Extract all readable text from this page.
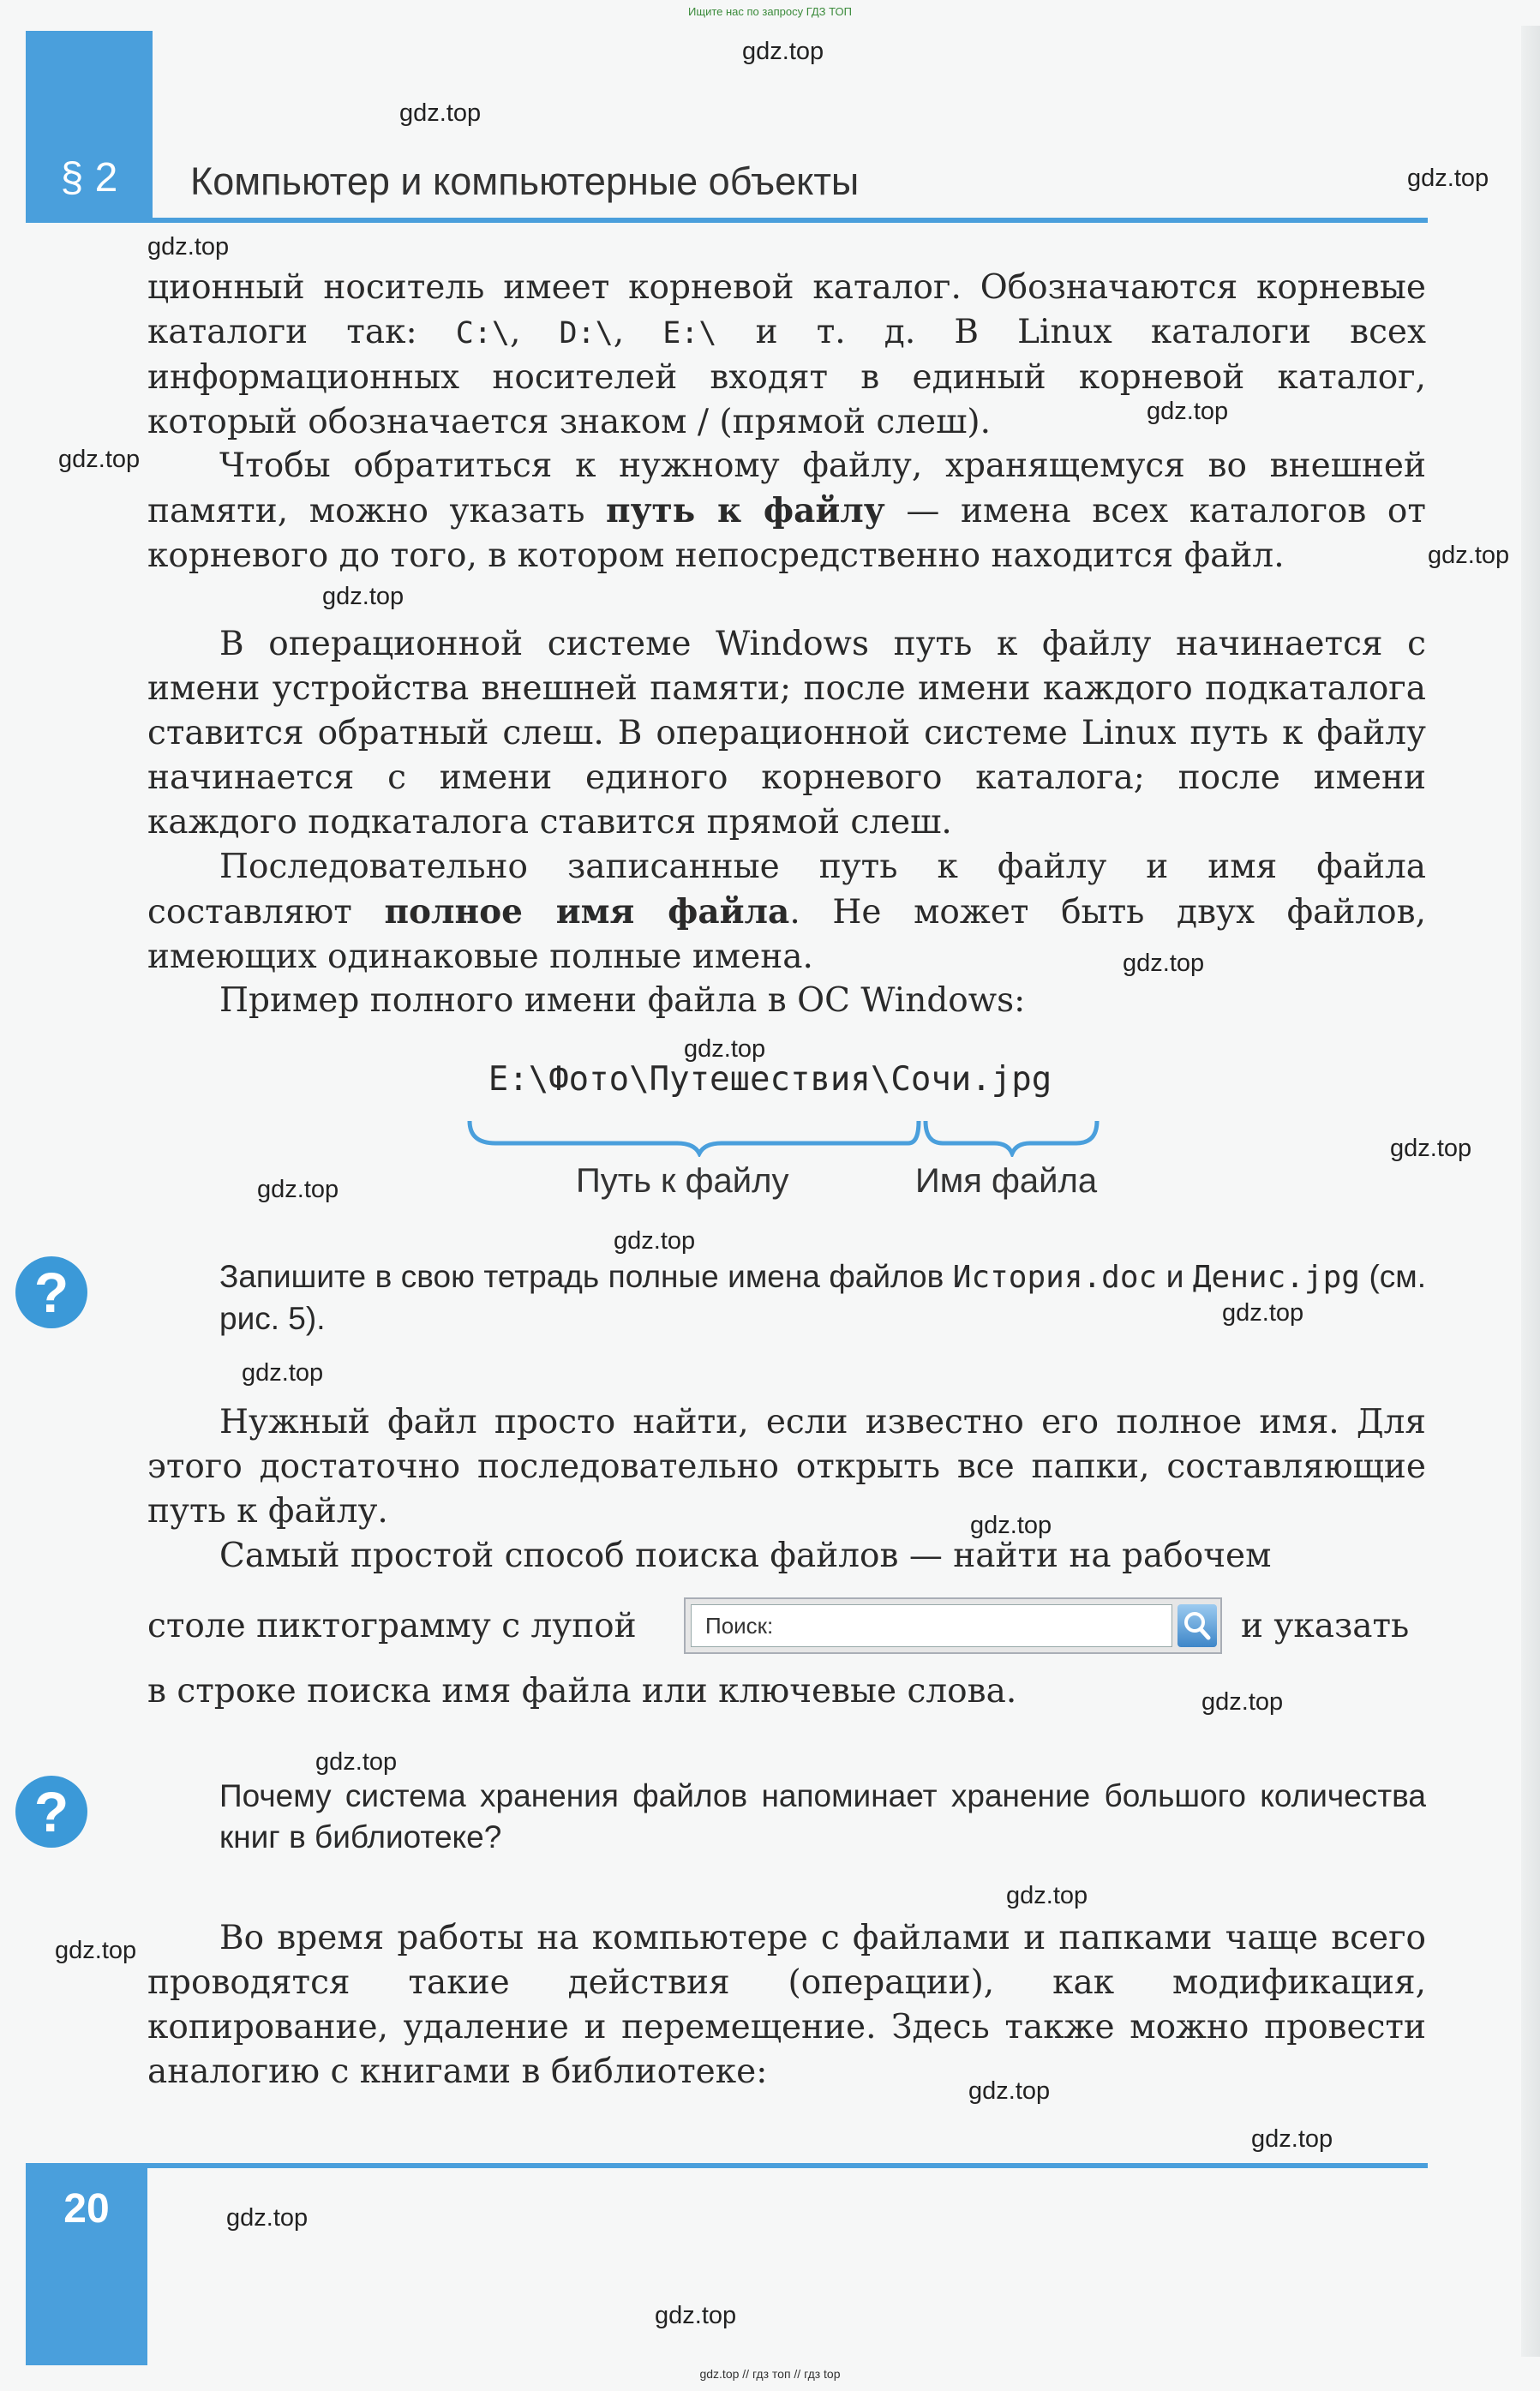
Ищите нас по запросу ГДЗ ТОП
§ 2	Компьютер и компьютерные объекты
ционный носитель имеет корневой каталог. Обозначаются корневые каталоги так: C:\, D:\, E:\ и т. д. В Linux каталоги всех информационных носителей входят в единый корневой каталог, который обозначается знаком / (прямой слеш).
Чтобы обратиться к нужному файлу, хранящемуся во внешней памяти, можно указать путь к файлу — имена всех каталогов от корневого до того, в котором непосредственно находится файл.
В операционной системе Windows путь к файлу начинается с имени устройства внешней памяти; после имени каждого подкаталога ставится обратный слеш. В операционной системе Linux путь к файлу начинается с имени единого корневого каталога; после имени каждого подкаталога ставится прямой слеш.
Последовательно записанные путь к файлу и имя файла составляют полное имя файла. Не может быть двух файлов, имеющих одинаковые полные имена.
Пример полного имени файла в ОС Windows:
E:\Фото\Путешествия\Сочи.jpg
Путь к файлу	Имя файла
?	Запишите в свою тетрадь полные имена файлов История.doc и Денис.jpg (см. рис. 5).
Нужный файл просто найти, если известно его полное имя. Для этого достаточно последовательно открыть все папки, составляющие путь к файлу.
Самый простой способ поиска файлов — найти на рабочем
столе пиктограмму с лупой	Поиск:	и указать
в строке поиска имя файла или ключевые слова.
?	Почему система хранения файлов напоминает хранение большого количества книг в библиотеке?
Во время работы на компьютере с файлами и папками чаще всего проводятся такие действия (операции), как модификация, копирование, удаление и перемещение. Здесь также можно провести аналогию с книгами в библиотеке:
20
gdz.top // гдз топ // гдз top
gdz.top
gdz.top
gdz.top
gdz.top
gdz.top
gdz.top
gdz.top
gdz.top
gdz.top
gdz.top
gdz.top
gdz.top
gdz.top
gdz.top
gdz.top
gdz.top
gdz.top
gdz.top
gdz.top
gdz.top
gdz.top
gdz.top
gdz.top
gdz.top
